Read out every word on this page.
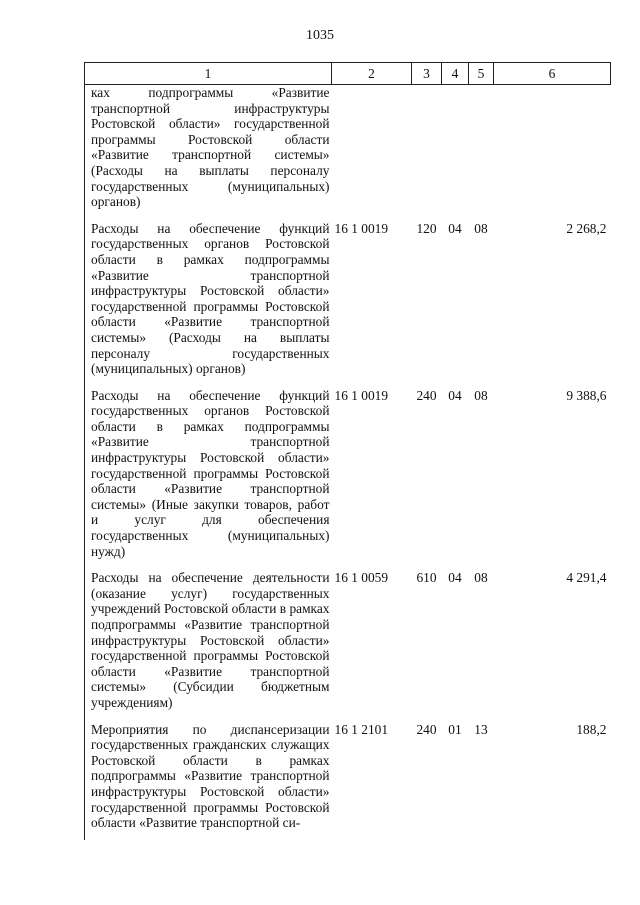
1035
1	2	3	4	5	6
ках подпрограммы «Развитие транспортной инфраструктуры Ростовской области» государственной программы Ростовской области «Развитие транспортной системы» (Расходы на выплаты персоналу государственных (муниципальных) органов)					
Расходы на обеспечение функций государственных органов Ростовской области в рамках подпрограммы «Развитие транспортной инфраструктуры Ростовской области» государственной программы Ростовской области «Развитие транспортной системы» (Расходы на выплаты персоналу государственных (муниципальных) органов)	16 1 0019	120	04	08	2 268,2
Расходы на обеспечение функций государственных органов Ростовской области в рамках подпрограммы «Развитие транспортной инфраструктуры Ростовской области» государственной программы Ростовской области «Развитие транспортной системы» (Иные закупки товаров, работ и услуг для обеспечения государственных (муниципальных) нужд)	16 1 0019	240	04	08	9 388,6
Расходы на обеспечение деятельности (оказание услуг) государственных учреждений Ростовской области в рамках подпрограммы «Развитие транспортной инфраструктуры Ростовской области» государственной программы Ростовской области «Развитие транспортной системы» (Субсидии бюджетным учреждениям)	16 1 0059	610	04	08	4 291,4
Мероприятия по диспансеризации государственных гражданских служащих Ростовской области в рамках подпрограммы «Развитие транспортной инфраструктуры Ростовской области» государственной программы Ростовской области «Развитие транспортной си-	16 1 2101	240	01	13	188,2
